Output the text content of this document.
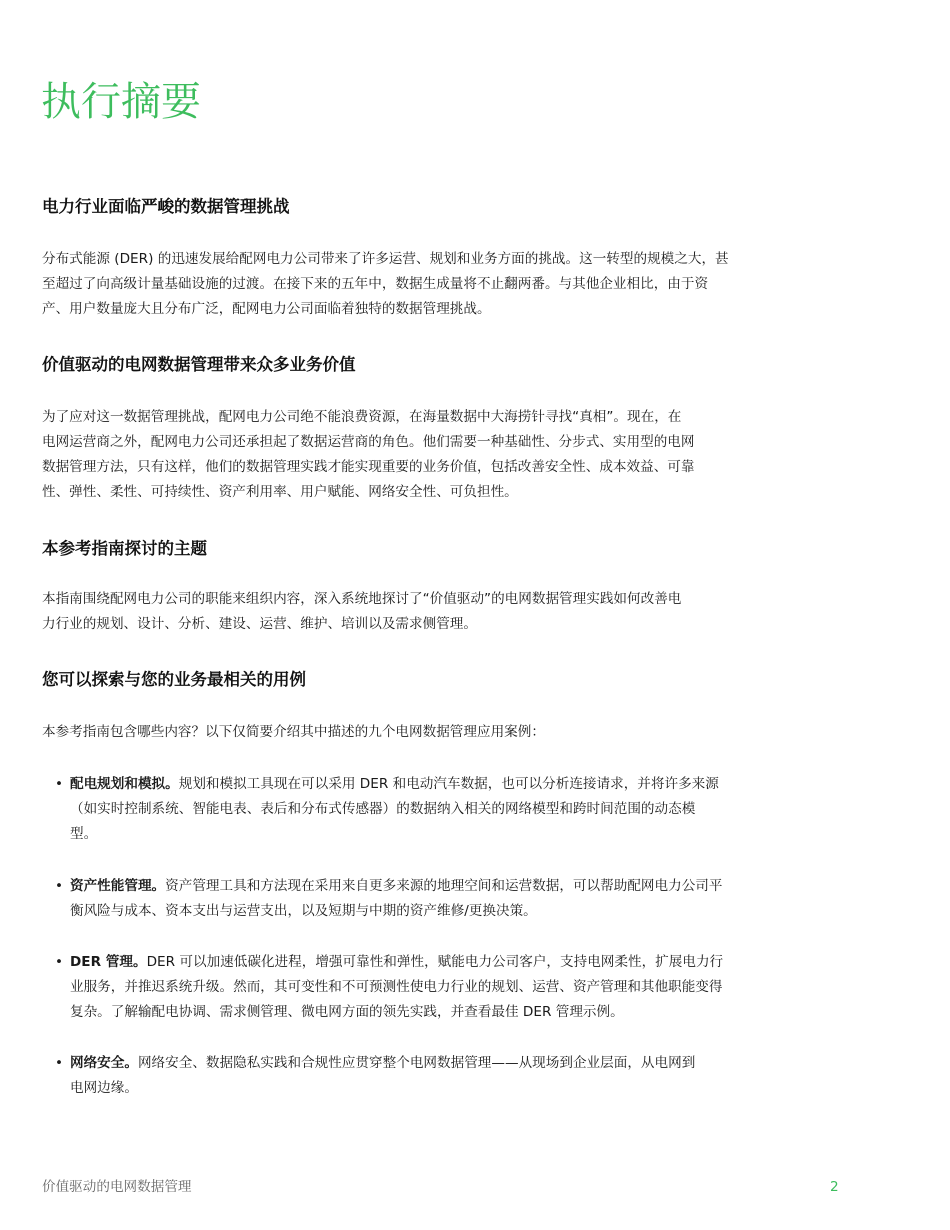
执行摘要
电力行业面临严峻的数据管理挑战

分布式能源 (DER) 的迅速发展给配网电力公司带来了许多运营、规划和业务方面的挑战。这一转型的规模之大，甚
至超过了向高级计量基础设施的过渡。在接下来的五年中，数据生成量将不止翻两番。与其他企业相比，由于资
产、用户数量庞大且分布广泛，配网电力公司面临着独特的数据管理挑战。

价值驱动的电网数据管理带来众多业务价值

为了应对这一数据管理挑战，配网电力公司绝不能浪费资源，在海量数据中大海捞针寻找“真相”。现在，在
电网运营商之外，配网电力公司还承担起了数据运营商的角色。他们需要一种基础性、分步式、实用型的电网
数据管理方法，只有这样，他们的数据管理实践才能实现重要的业务价值，包括改善安全性、成本效益、可靠
性、弹性、柔性、可持续性、资产利用率、用户赋能、网络安全性、可负担性。

本参考指南探讨的主题

本指南围绕配网电力公司的职能来组织内容，深入系统地探讨了“价值驱动”的电网数据管理实践如何改善电
力行业的规划、设计、分析、建设、运营、维护、培训以及需求侧管理。

您可以探索与您的业务最相关的用例

本参考指南包含哪些内容？以下仅简要介绍其中描述的九个电网数据管理应用案例：

• 配电规划和模拟。规划和模拟工具现在可以采用 DER 和电动汽车数据，也可以分析连接请求，并将许多来源
（如实时控制系统、智能电表、表后和分布式传感器）的数据纳入相关的网络模型和跨时间范围的动态模
型。
• 资产性能管理。资产管理工具和方法现在采用来自更多来源的地理空间和运营数据，可以帮助配网电力公司平
衡风险与成本、资本支出与运营支出，以及短期与中期的资产维修/更换决策。
• DER 管理。DER 可以加速低碳化进程，增强可靠性和弹性，赋能电力公司客户，支持电网柔性，扩展电力行
业服务，并推迟系统升级。然而，其可变性和不可预测性使电力行业的规划、运营、资产管理和其他职能变得
复杂。了解输配电协调、需求侧管理、微电网方面的领先实践，并查看最佳 DER 管理示例。
• 网络安全。网络安全、数据隐私实践和合规性应贯穿整个电网数据管理——从现场到企业层面，从电网到
电网边缘。
价值驱动的电网数据管理	2
